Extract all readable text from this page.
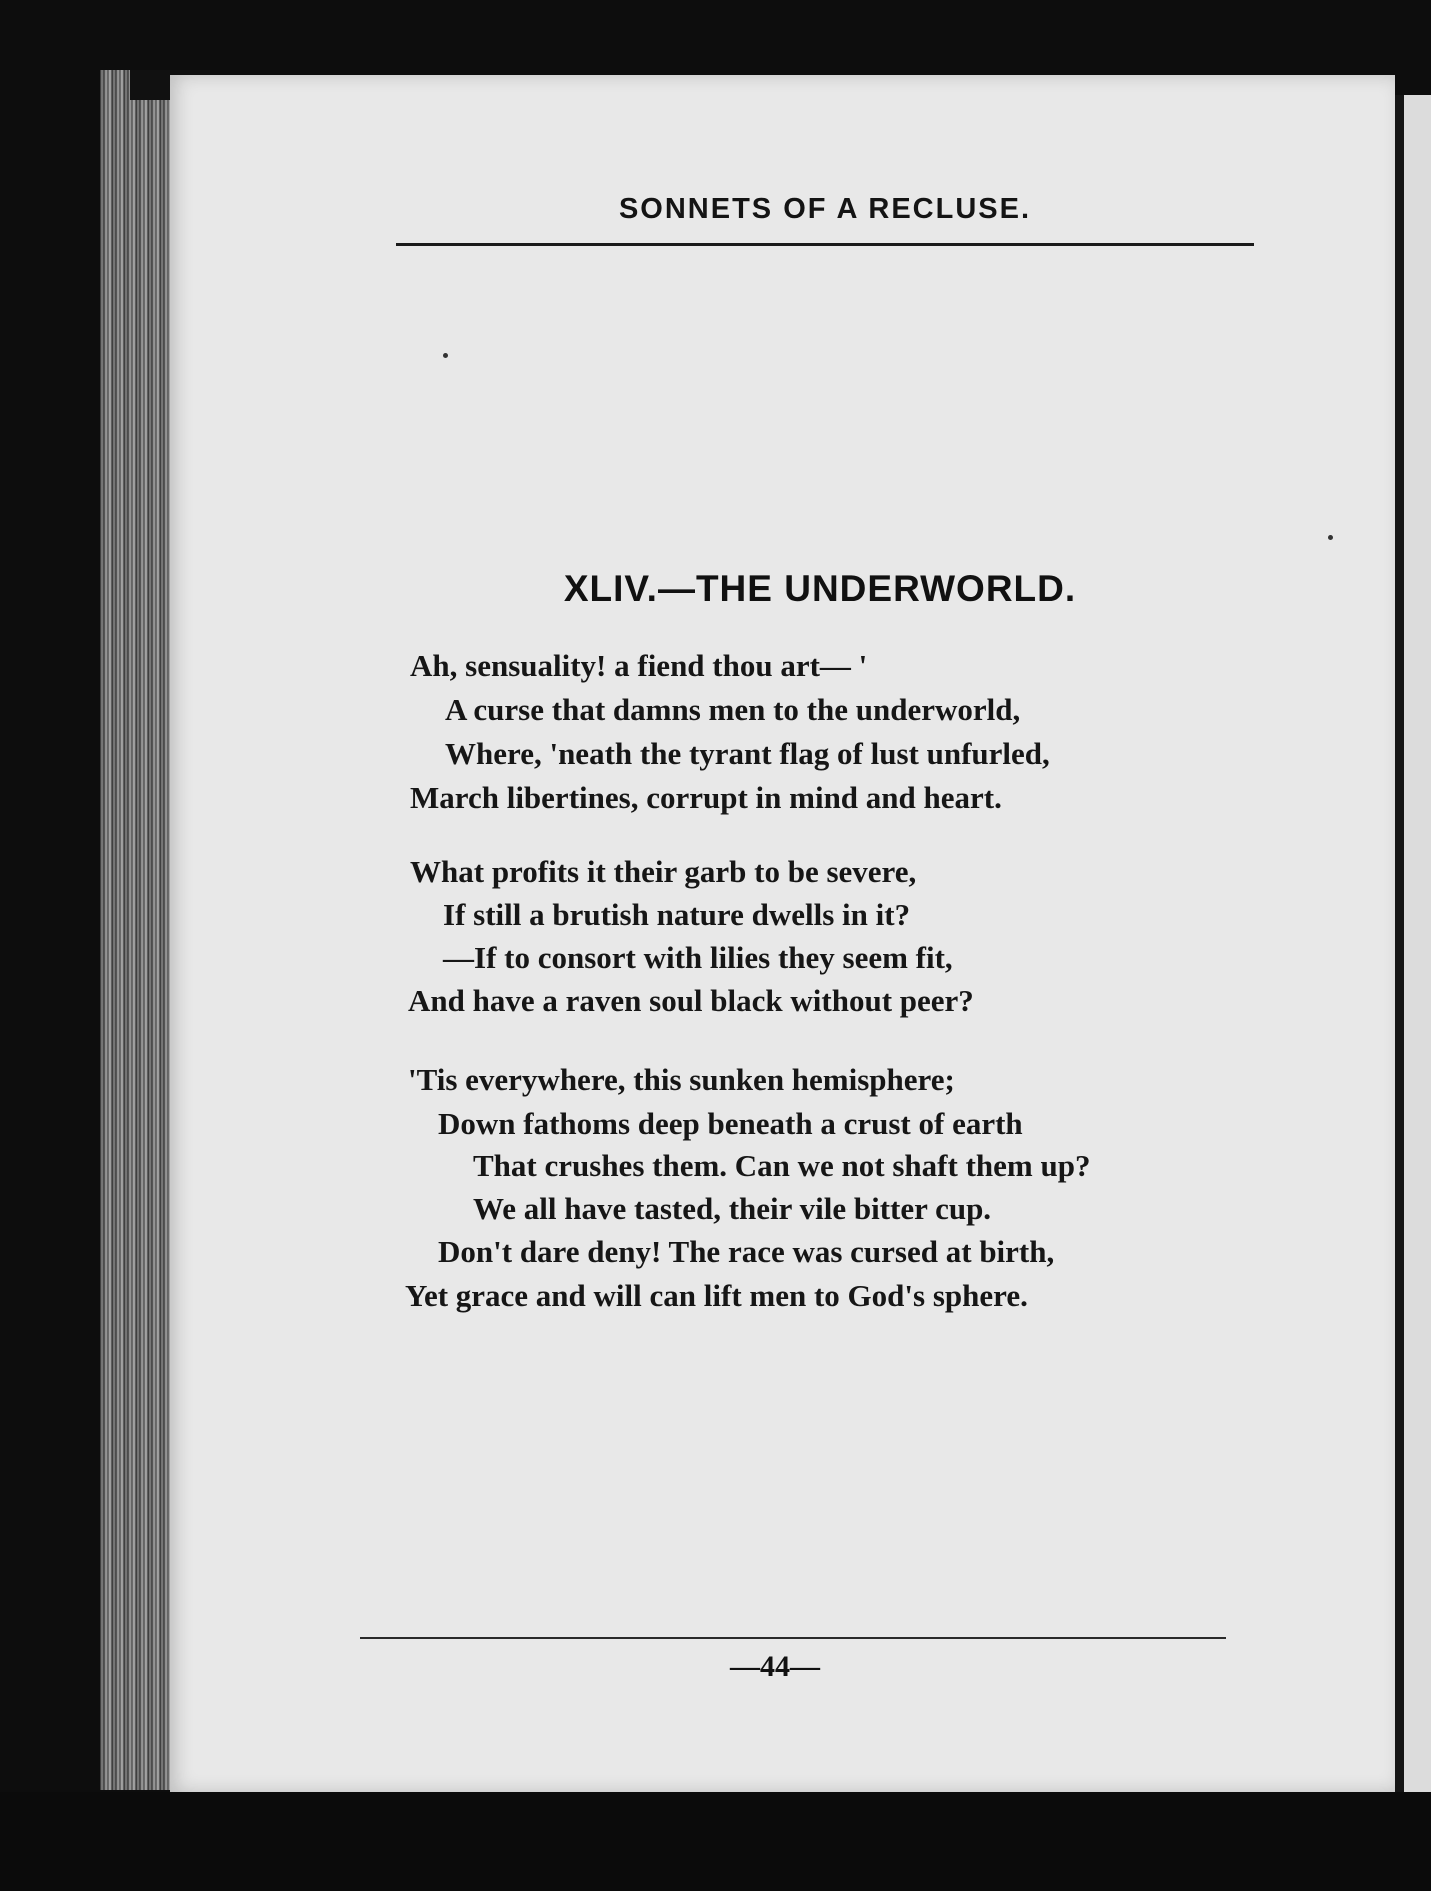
SONNETS OF A RECLUSE.
XLIV.—THE UNDERWORLD.
Ah, sensuality! a fiend thou art— '
A curse that damns men to the underworld,
Where, 'neath the tyrant flag of lust unfurled,
March libertines, corrupt in mind and heart.
What profits it their garb to be severe,
If still a brutish nature dwells in it?
—If to consort with lilies they seem fit,
And have a raven soul black without peer?
'Tis everywhere, this sunken hemisphere;
Down fathoms deep beneath a crust of earth
That crushes them. Can we not shaft them up?
We all have tasted, their vile bitter cup.
Don't dare deny! The race was cursed at birth,
Yet grace and will can lift men to God's sphere.
—44—
